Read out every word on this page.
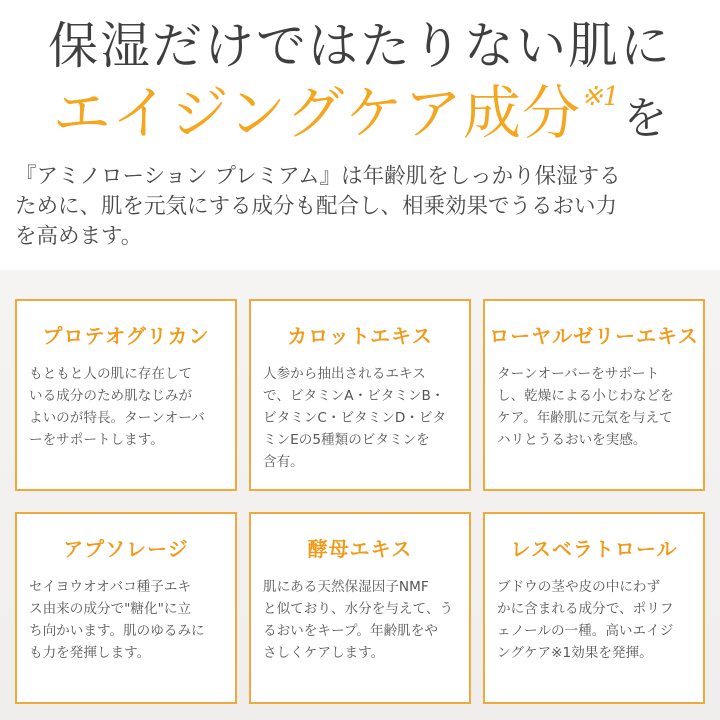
保湿だけではたりない肌に
エイジングケア成分※1を
『アミノローション プレミアム』は年齢肌をしっかり保湿する
ために、肌を元気にする成分も配合し、相乗効果でうるおい力
を高めます。
プロテオグリカン
もともと人の肌に存在して
いる成分のため肌なじみが
よいのが特長。ターンオーバ
ーをサポートします。
カロットエキス
人参から抽出されるエキス
で、ビタミンA・ビタミンB・
ビタミンC・ビタミンD・ビタ
ミンEの5種類のビタミンを
含有。
ローヤルゼリーエキス
ターンオーバーをサポート
し、乾燥による小じわなどを
ケア。年齢肌に元気を与えて
ハリとうるおいを実感。
アプソレージ
セイヨウオオバコ種子エキ
ス由来の成分で"糖化"に立
ち向かいます。肌のゆるみに
も力を発揮します。
酵母エキス
肌にある天然保湿因子NMF
と似ており、水分を与えて、う
るおいをキープ。年齢肌をや
さしくケアします。
レスベラトロール
ブドウの茎や皮の中にわず
かに含まれる成分で、ポリフ
ェノールの一種。高いエイジ
ングケア※1効果を発揮。
